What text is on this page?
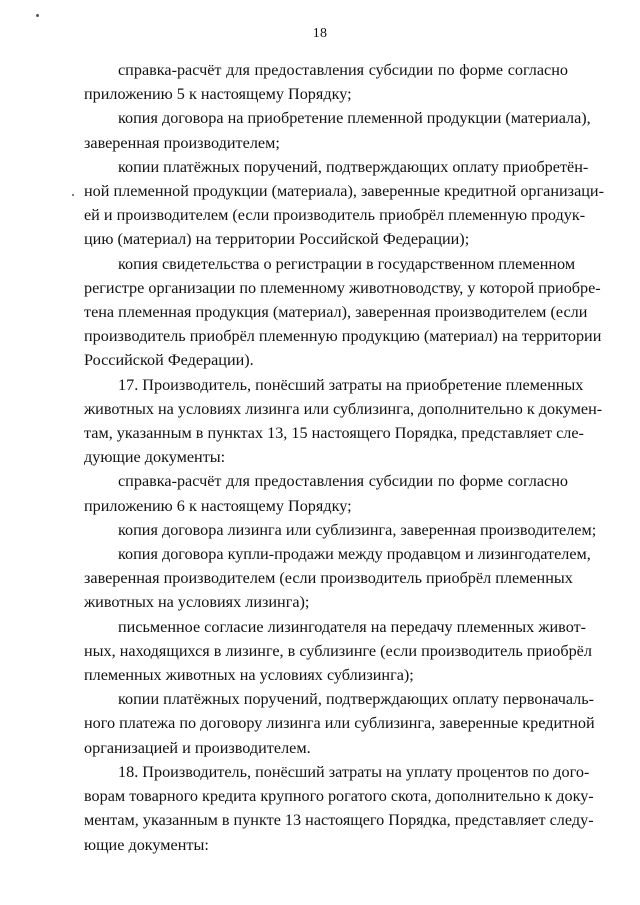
18
справка-расчёт для предоставления субсидии по форме согласно
приложению 5 к настоящему Порядку;
копия договора на приобретение племенной продукции (материала),
заверенная производителем;
копии платёжных поручений, подтверждающих оплату приобретён-
ной племенной продукции (материала), заверенные кредитной организаци-
ей и производителем (если производитель приобрёл племенную продук-
цию (материал) на территории Российской Федерации);
копия свидетельства о регистрации в государственном племенном
регистре организации по племенному животноводству, у которой приобре-
тена племенная продукция (материал), заверенная производителем (если
производитель приобрёл племенную продукцию (материал) на территории
Российской Федерации).
17. Производитель, понёсший затраты на приобретение племенных
животных на условиях лизинга или сублизинга, дополнительно к докумен-
там, указанным в пунктах 13, 15 настоящего Порядка, представляет сле-
дующие документы:
справка-расчёт для предоставления субсидии по форме согласно
приложению 6 к настоящему Порядку;
копия договора лизинга или сублизинга, заверенная производителем;
копия договора купли-продажи между продавцом и лизингодателем,
заверенная производителем (если производитель приобрёл племенных
животных на условиях лизинга);
письменное согласие лизингодателя на передачу племенных живот-
ных, находящихся в лизинге, в сублизинге (если производитель приобрёл
племенных животных на условиях сублизинга);
копии платёжных поручений, подтверждающих оплату первоначаль-
ного платежа по договору лизинга или сублизинга, заверенные кредитной
организацией и производителем.
18. Производитель, понёсший затраты на уплату процентов по дого-
ворам товарного кредита крупного рогатого скота, дополнительно к доку-
ментам, указанным в пункте 13 настоящего Порядка, представляет следу-
ющие документы:
